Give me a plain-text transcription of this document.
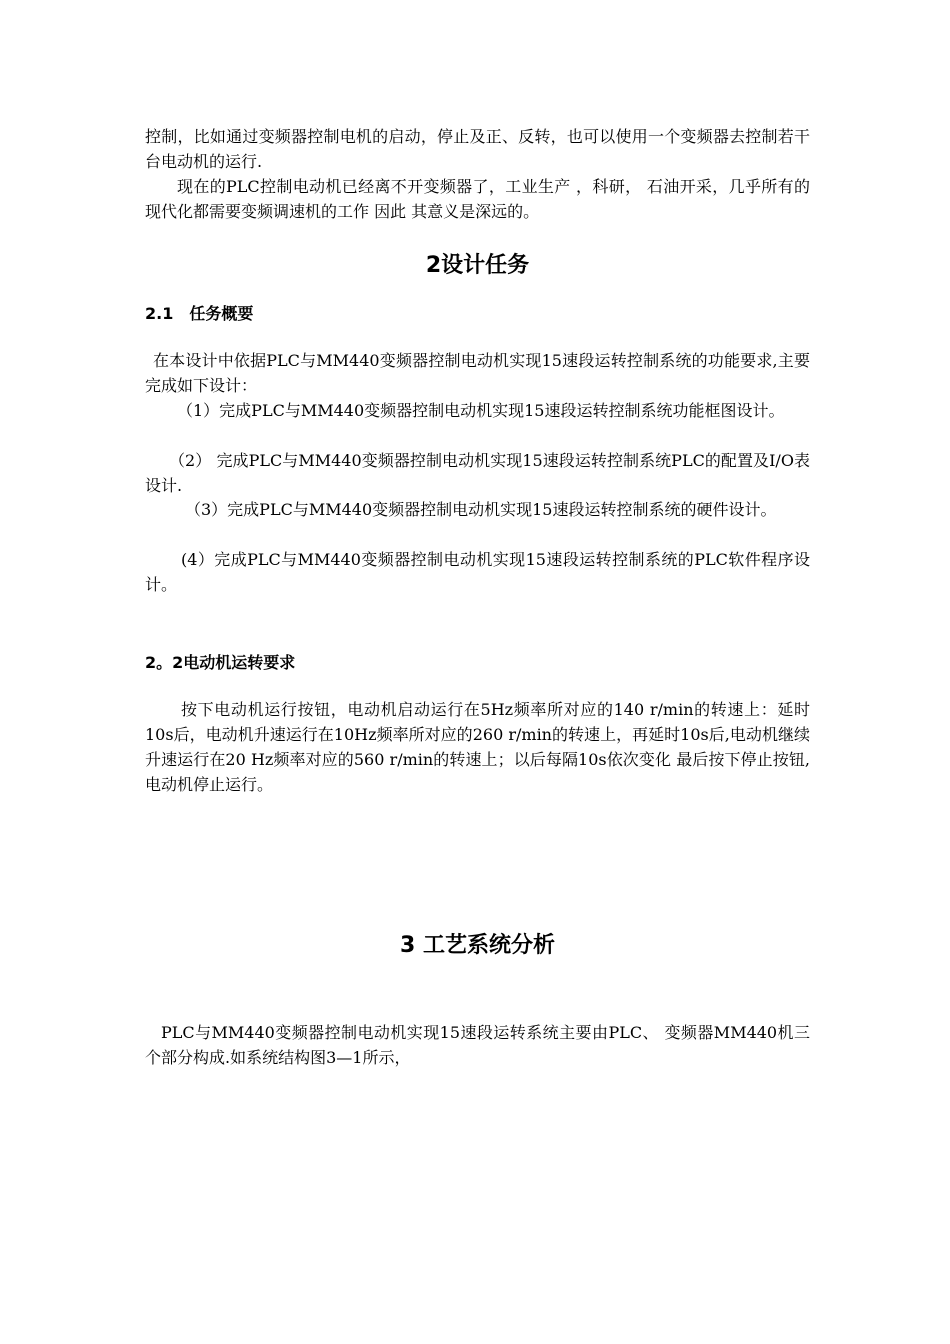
控制，比如通过变频器控制电机的启动，停止及正、反转，也可以使用一个变频器去控制若干台电动机的运行.

现在的PLC控制电动机已经离不开变频器了，工业生产 ，科研， 石油开采，几乎所有的现代化都需要变频调速机的工作 因此 其意义是深远的。

2设计任务
2.1　任务概要

在本设计中依据PLC与MM440变频器控制电动机实现15速段运转控制系统的功能要求,主要完成如下设计：

（1）完成PLC与MM440变频器控制电动机实现15速段运转控制系统功能框图设计。

（2） 完成PLC与MM440变频器控制电动机实现15速段运转控制系统PLC的配置及I/O表设计.

（3）完成PLC与MM440变频器控制电动机实现15速段运转控制系统的硬件设计。

(4）完成PLC与MM440变频器控制电动机实现15速段运转控制系统的PLC软件程序设计。

2。2电动机运转要求

按下电动机运行按钮，电动机启动运行在5Hz频率所对应的140 r/min的转速上：延时10s后，电动机升速运行在10Hz频率所对应的260 r/min的转速上，再延时10s后,电动机继续升速运行在20 Hz频率对应的560 r/min的转速上；以后每隔10s依次变化 最后按下停止按钮,电动机停止运行。

3 工艺系统分析

PLC与MM440变频器控制电动机实现15速段运转系统主要由PLC、 变频器MM440机三个部分构成.如系统结构图3—1所示，
